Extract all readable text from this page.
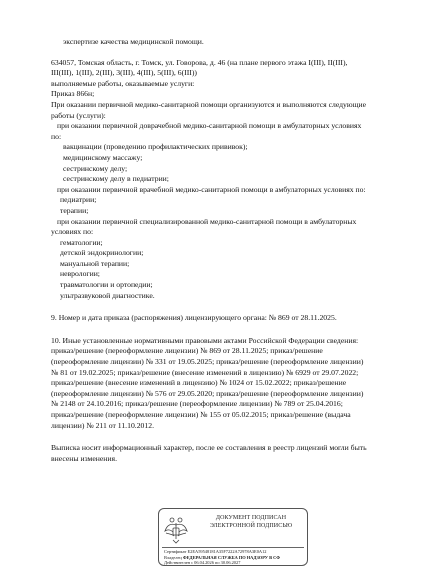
экспертизе качества медицинской помощи.
634057, Томская область, г. Томск, ул. Говорова, д. 46 (на плане первого этажа I(III), II(III),
III(III), 1(III), 2(III), 3(III), 4(III), 5(III), 6(III))
выполняемые работы, оказываемые услуги:
Приказ 866н;
При оказании первичной медико-санитарной помощи организуются и выполняются следующие
работы (услуги):
при оказании первичной доврачебной медико-санитарной помощи в амбулаторных условиях
по:
вакцинации (проведению профилактических прививок);
медицинскому массажу;
сестринскому делу;
сестринскому делу в педиатрии;
при оказании первичной врачебной медико-санитарной помощи в амбулаторных условиях по:
педиатрии;
терапии;
при оказании первичной специализированной медико-санитарной помощи в амбулаторных
условиях по:
гематологии;
детской эндокринологии;
мануальной терапии;
неврологии;
травматологии и ортопедии;
ультразвуковой диагностике.
9. Номер и дата приказа (распоряжения) лицензирующего органа: № 869 от 28.11.2025.
10. Иные установленные нормативными правовыми актами Российской Федерации сведения:
приказ/решение (переоформление лицензии) № 869 от 28.11.2025; приказ/решение
(переоформление лицензии) № 331 от 19.05.2025; приказ/решение (переоформление лицензии)
№ 81 от 19.02.2025; приказ/решение (внесение изменений в лицензию) № 6929 от 29.07.2022;
приказ/решение (внесение изменений в лицензию) № 1024 от 15.02.2022; приказ/решение
(переоформление лицензии) № 576 от 29.05.2020; приказ/решение (переоформление лицензии)
№ 2148 от 24.10.2016; приказ/решение (переоформление лицензии) № 789 от 25.04.2016;
приказ/решение (переоформление лицензии) № 155 от 05.02.2015; приказ/решение (выдача
лицензии) № 211 от 11.10.2012.
Выписка носит информационный характер, после ее составления в реестр лицензий могли быть
внесены изменения.
ДОКУМЕНТ ПОДПИСАН
ЭЛЕКТРОННОЙ ПОДПИСЬЮ
Сертификат E2EA59548181A35F7222A72978A3E0A12
Владелец ФЕДЕРАЛЬНАЯ СЛУЖБА ПО НАДЗОРУ В СФ
Действителен с 06.04.2026 по 30.06.2027
